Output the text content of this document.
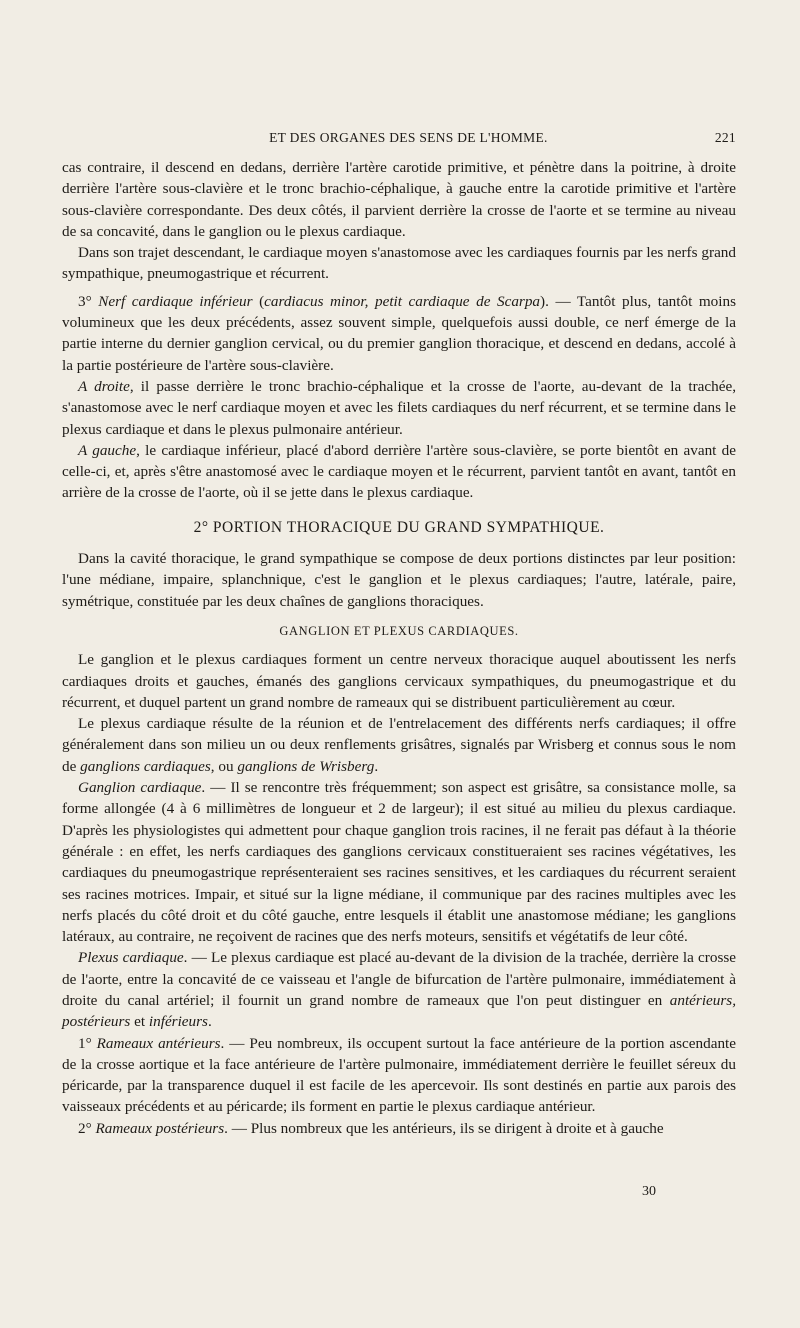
ET DES ORGANES DES SENS DE L'HOMME.	221

cas contraire, il descend en dedans, derrière l'artère carotide primitive, et pénètre dans la poitrine, à droite derrière l'artère sous-clavière et le tronc brachio-céphalique, à gauche entre la carotide primitive et l'artère sous-clavière correspondante. Des deux côtés, il parvient derrière la crosse de l'aorte et se termine au niveau de sa concavité, dans le ganglion ou le plexus cardiaque.

Dans son trajet descendant, le cardiaque moyen s'anastomose avec les cardiaques fournis par les nerfs grand sympathique, pneumogastrique et récurrent.

3° Nerf cardiaque inférieur (cardiacus minor, petit cardiaque de Scarpa). — Tantôt plus, tantôt moins volumineux que les deux précédents, assez souvent simple, quelquefois aussi double, ce nerf émerge de la partie interne du dernier ganglion cervical, ou du premier ganglion thoracique, et descend en dedans, accolé à la partie postérieure de l'artère sous-clavière.

A droite, il passe derrière le tronc brachio-céphalique et la crosse de l'aorte, au-devant de la trachée, s'anastomose avec le nerf cardiaque moyen et avec les filets cardiaques du nerf récurrent, et se termine dans le plexus cardiaque et dans le plexus pulmonaire antérieur.

A gauche, le cardiaque inférieur, placé d'abord derrière l'artère sous-clavière, se porte bientôt en avant de celle-ci, et, après s'être anastomosé avec le cardiaque moyen et le récurrent, parvient tantôt en avant, tantôt en arrière de la crosse de l'aorte, où il se jette dans le plexus cardiaque.

2° PORTION THORACIQUE DU GRAND SYMPATHIQUE.

Dans la cavité thoracique, le grand sympathique se compose de deux portions distinctes par leur position: l'une médiane, impaire, splanchnique, c'est le ganglion et le plexus cardiaques; l'autre, latérale, paire, symétrique, constituée par les deux chaînes de ganglions thoraciques.

GANGLION ET PLEXUS CARDIAQUES.

Le ganglion et le plexus cardiaques forment un centre nerveux thoracique auquel aboutissent les nerfs cardiaques droits et gauches, émanés des ganglions cervicaux sympathiques, du pneumogastrique et du récurrent, et duquel partent un grand nombre de rameaux qui se distribuent particulièrement au cœur.

Le plexus cardiaque résulte de la réunion et de l'entrelacement des différents nerfs cardiaques; il offre généralement dans son milieu un ou deux renflements grisâtres, signalés par Wrisberg et connus sous le nom de ganglions cardiaques, ou ganglions de Wrisberg.

Ganglion cardiaque. — Il se rencontre très fréquemment; son aspect est grisâtre, sa consistance molle, sa forme allongée (4 à 6 millimètres de longueur et 2 de largeur); il est situé au milieu du plexus cardiaque. D'après les physiologistes qui admettent pour chaque ganglion trois racines, il ne ferait pas défaut à la théorie générale : en effet, les nerfs cardiaques des ganglions cervicaux constitueraient ses racines végétatives, les cardiaques du pneumogastrique représenteraient ses racines sensitives, et les cardiaques du récurrent seraient ses racines motrices. Impair, et situé sur la ligne médiane, il communique par des racines multiples avec les nerfs placés du côté droit et du côté gauche, entre lesquels il établit une anastomose médiane; les ganglions latéraux, au contraire, ne reçoivent de racines que des nerfs moteurs, sensitifs et végétatifs de leur côté.

Plexus cardiaque. — Le plexus cardiaque est placé au-devant de la division de la trachée, derrière la crosse de l'aorte, entre la concavité de ce vaisseau et l'angle de bifurcation de l'artère pulmonaire, immédiatement à droite du canal artériel; il fournit un grand nombre de rameaux que l'on peut distinguer en antérieurs, postérieurs et inférieurs.

1° Rameaux antérieurs. — Peu nombreux, ils occupent surtout la face antérieure de la portion ascendante de la crosse aortique et la face antérieure de l'artère pulmonaire, immédiatement derrière le feuillet séreux du péricarde, par la transparence duquel il est facile de les apercevoir. Ils sont destinés en partie aux parois des vaisseaux précédents et au péricarde; ils forment en partie le plexus cardiaque antérieur.

2° Rameaux postérieurs. — Plus nombreux que les antérieurs, ils se dirigent à droite et à gauche

30
